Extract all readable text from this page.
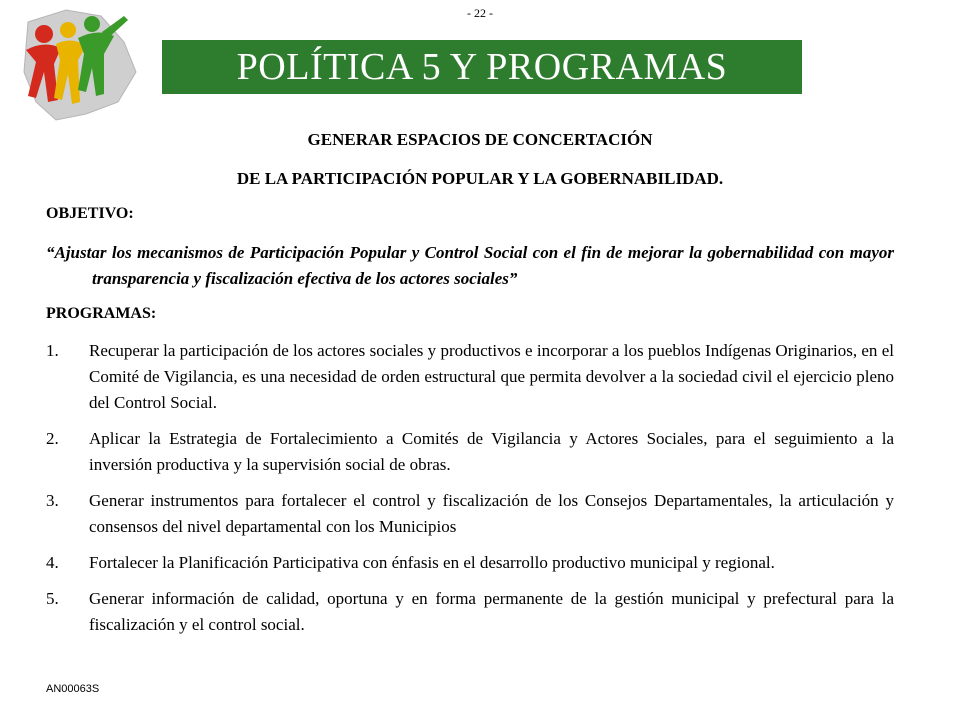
- 22 -
POLÍTICA 5 Y PROGRAMAS
GENERAR ESPACIOS DE CONCERTACIÓN
DE LA PARTICIPACIÓN POPULAR Y LA GOBERNABILIDAD.
OBJETIVO:
“Ajustar los mecanismos de Participación Popular y Control Social con el fin de mejorar la gobernabilidad con mayor transparencia y fiscalización efectiva de los actores sociales”
PROGRAMAS:
1.	Recuperar la participación de los actores sociales y productivos e incorporar a los pueblos Indígenas Originarios, en el Comité de Vigilancia, es una necesidad de orden estructural que permita devolver a la sociedad civil el ejercicio pleno del Control Social.
2.	Aplicar la Estrategia de Fortalecimiento a Comités de Vigilancia y Actores Sociales, para el seguimiento a la inversión productiva y la supervisión social de obras.
3.	Generar instrumentos para fortalecer el control y fiscalización de los Consejos Departamentales, la articulación y consensos del nivel departamental con los Municipios
4.	Fortalecer la Planificación Participativa con énfasis en el desarrollo productivo municipal y regional.
5.	Generar información de calidad, oportuna y en forma permanente de la gestión municipal y prefectural para la fiscalización y el control social.
AN00063S
